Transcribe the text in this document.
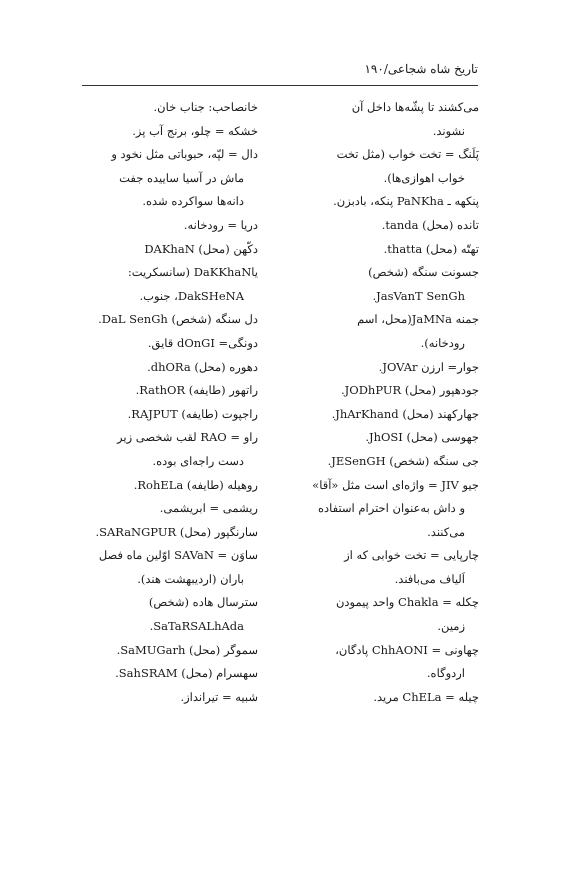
تاریخ شاه شجاعی/۱۹۰
می‌کشند تا پشّه‌ها داخل آن
نشوند.
پَلَنگ = تخت خواب (مثل تخت
خواب اهوازی‌ها).
پنکهه ـ PaNKha پنکه، بادبزن.
تانده (محل) tanda.
تهتّه (محل) thatta.
جسونت سنگه (شخص)
JasVanT SenGh.
جمنه JaMNa(محل، اسم
رودخانه).
جوار= ارزن JOVAr.
جودهپور (محل) JODhPUR.
جهارکهند (محل) JhArKhand.
جهوسی (محل) JhOSI.
جی سنگه (شخص) JESenGH.
جیو JIV = واژه‌ای است مثل «آقا»
و داش به‌عنوان احترام استفاده
می‌کنند.
چارپایی = تخت خوابی که از
اَلیاف می‌بافند.
چکله = Chakla واحد پیمودن
زمین.
چهاونی = ChhAONI پادگان،
اردوگاه.
چیله = ChELa مرید.
خانصاحب: جناب خان.
خشکه = چلو، برنج آب پز.
دال = لپّه، حبوباتی مثل نخود و
ماش در آسیا ساییده جفت
دانه‌ها سواکرده شده.
دریا = رودخانه.
دکّهن (محل) DAKhaN
یاDaKKhaN (سانسکریت:
DakSHeNA، جنوب.
دل سنگه (شخص) DaL SenGh.
دونگی= dOnGI قایق.
دهوره (محل) dhORa.
راتهور (طایفه) RathOR.
راجپوت (طایفه) RAJPUT.
راو = RAO لقب شخصی زیر
دست راجه‌ای بوده.
روهیله (طایفه) RohELa.
ریشمی = ابریشمی.
سارنگپور (محل) SARaNGPUR.
ساوَن = SAVaN اوّلین ماه فصل
باران (اردیبهشت هند).
سترسال هاده (شخص)
SaTaRSALhAda.
سموگر (محل) SaMUGarh.
سهسرام (محل) SahSRAM.
شبیه = تیرانداز.
